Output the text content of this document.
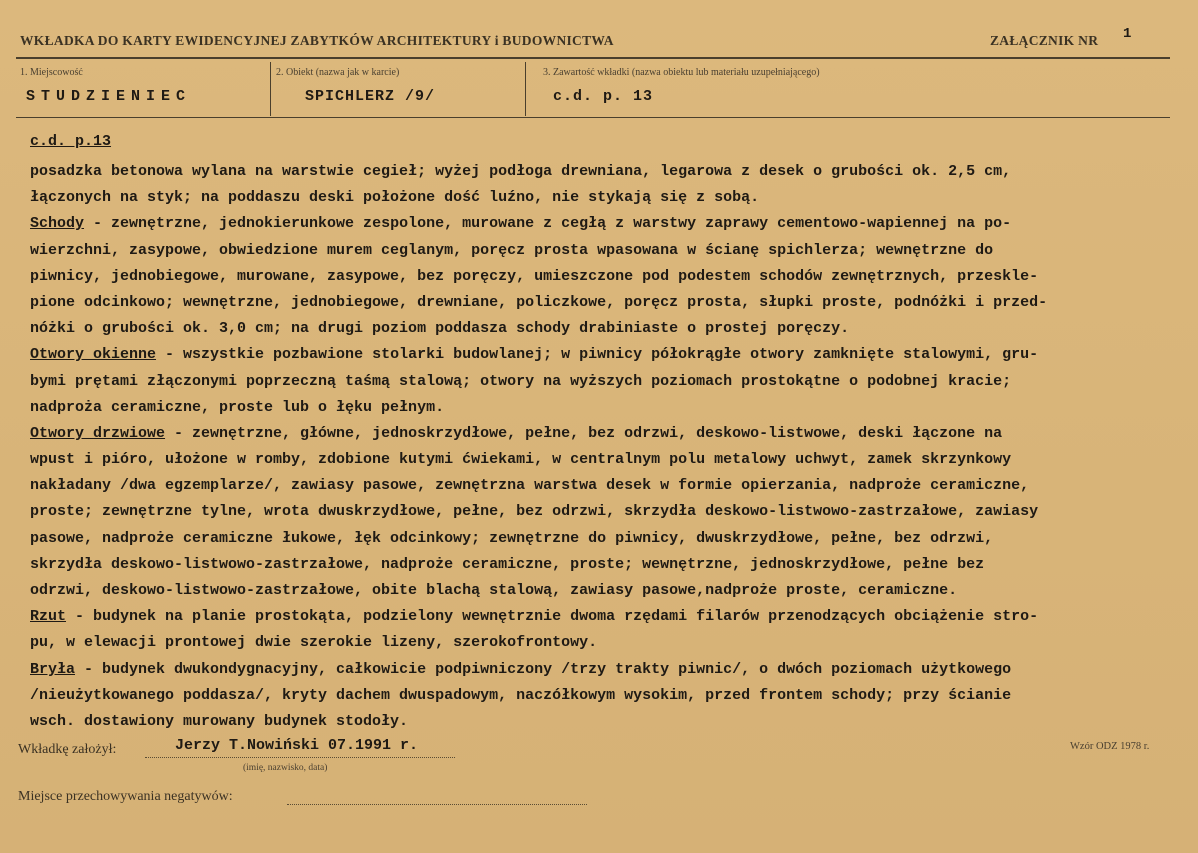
WKŁADKA DO KARTY EWIDENCYJNEJ ZABYTKÓW ARCHITEKTURY i BUDOWNICTWA	ZAŁĄCZNIK NR 1
1. Miejscowość
STUDZIENIEC
2. Obiekt (nazwa jak w karcie)
SPICHLERZ /9/
3. Zawartość wkładki (nazwa obiektu lub materiału uzupełniającego)
c.d. p. 13
c.d. p.13
posadzka betonowa wylana na warstwie cegieł; wyżej podłoga drewniana, legarowa z desek o grubości ok. 2,5 cm,
łączonych na styk; na poddaszu deski położone dość luźno, nie stykają się z sobą.
Schody - zewnętrzne, jednokierunkowe zespolone, murowane z cegłą z warstwy zaprawy cementowo-wapiennej na po-
wierzchni, zasypowe, obwiedzione murem ceglanym, poręcz prosta wpasowana w ścianę spichlerza; wewnętrzne do
piwnicy, jednobiegowe, murowane, zasypowe, bez poręczy, umieszczone pod podestem schodów zewnętrznych, przeskle-
pione odcinkowo; wewnętrzne, jednobiegowe, drewniane, policzkowe, poręcz prosta, słupki proste, podnóżki i przed-
nóżki o grubości ok. 3,0 cm; na drugi poziom poddasza schody drabiniaste o prostej poręczy.
Otwory okienne - wszystkie pozbawione stolarki budowlanej; w piwnicy półokrągłe otwory zamknięte stalowymi, gru-
bymi prętami złączonymi poprzeczną taśmą stalową; otwory na wyższych poziomach prostokątne o podobnej kracie;
nadproża ceramiczne, proste lub o łęku pełnym.
Otwory drzwiowe - zewnętrzne, główne, jednoskrzydłowe, pełne, bez odrzwi, deskowo-listwowe, deski łączone na
wpust i pióro, ułożone w romby, zdobione kutymi ćwiekami, w centralnym polu metalowy uchwyt, zamek skrzynkowy
nakładany /dwa egzemplarze/, zawiasy pasowe, zewnętrzna warstwa desek w formie opierzania, nadproże ceramiczne,
proste; zewnętrzne tylne, wrota dwuskrzydłowe, pełne, bez odrzwi, skrzydła deskowo-listwowo-zastrzałowe, zawiasy
pasowe, nadproże ceramiczne łukowe, łęk odcinkowy; zewnętrzne do piwnicy, dwuskrzydłowe, pełne, bez odrzwi,
skrzydła deskowo-listwowo-zastrzałowe, nadproże ceramiczne, proste; wewnętrzne, jednoskrzydłowe, pełne bez
odrzwi, deskowo-listwowo-zastrzałowe, obite blachą stalową, zawiasy pasowe,nadproże proste, ceramiczne.
Rzut - budynek na planie prostokąta, podzielony wewnętrznie dwoma rzędami filarów przenodzących obciążenie stro-
pu, w elewacji prontowej dwie szerokie lizeny, szerokofrontowy.
Bryła - budynek dwukondygnacyjny, całkowicie podpiwniczony /trzy trakty piwnic/, o dwóch poziomach użytkowego
/nieużytkowanego poddasza/, kryty dachem dwuspadowym, naczółkowym wysokim, przed frontem schody; przy ścianie
wsch. dostawiony murowany budynek stodoły.
Wkładkę założył:	Jerzy T.Nowiński 07.1991 r.
(imię, nazwisko, data)
Wzór ODZ 1978 r.
Miejsce przechowywania negatywów:
